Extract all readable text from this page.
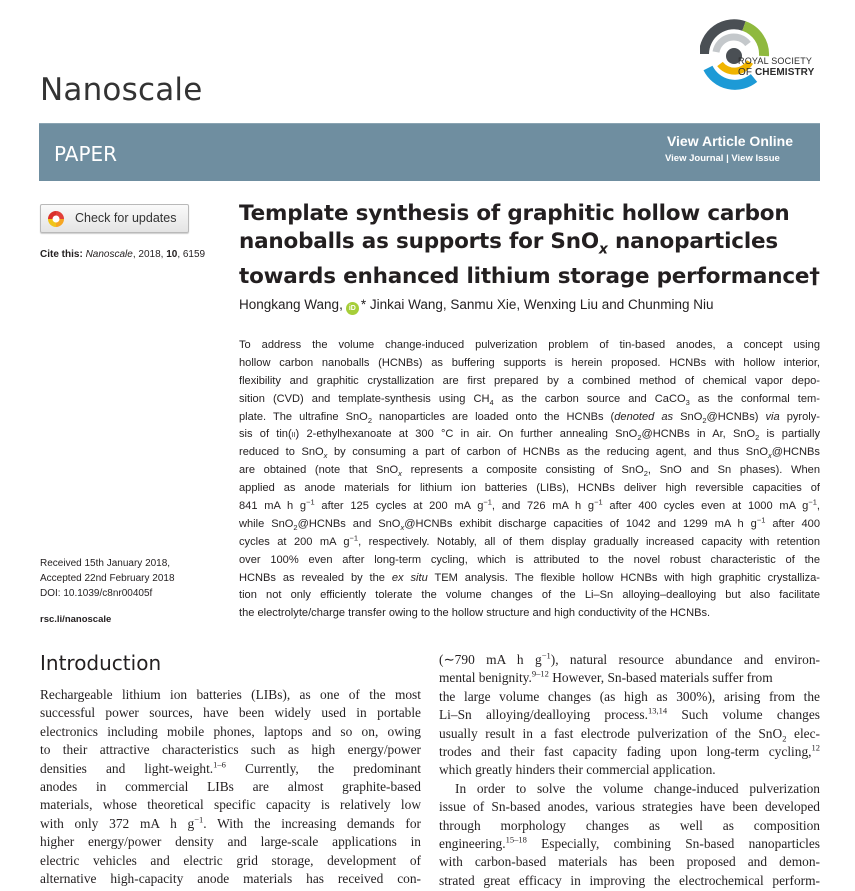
ROYAL SOCIETY
OF CHEMISTRY
Nanoscale
PAPER
View Article Online
View Journal | View Issue
Check for updates
Cite this: Nanoscale, 2018, 10, 6159
Template synthesis of graphitic hollow carbon
nanoballs as supports for SnO$_x$ nanoparticles
towards enhanced lithium storage performance†
Hongkang Wang, iD * Jinkai Wang, Sanmu Xie, Wenxing Liu and Chunming Niu
To address the volume change-induced pulverization problem of tin-based anodes, a concept using
hollow carbon nanoballs (HCNBs) as buffering supports is herein proposed. HCNBs with hollow interior,
flexibility and graphitic crystallization are first prepared by a combined method of chemical vapor depo-
sition (CVD) and template-synthesis using $CH_4$ as the carbon source and CaCO$_3$ as the conformal tem-
plate. The ultrafine SnO$_2$ nanoparticles are loaded onto the HCNBs (denoted as SnO$_2$@HCNBs) via pyroly-
sis of tin(II) 2-ethylhexanoate at 300 °C in air. On further annealing SnO$_2$@HCNBs in Ar, SnO$_2$ is partially
reduced to SnO$_x$ by consuming a part of carbon of HCNBs as the reducing agent, and thus SnO$_x$@HCNBs
are obtained (note that SnO$_x$ represents a composite consisting of SnO$_2$, SnO and Sn phases). When
applied as anode materials for lithium ion batteries (LIBs), HCNBs deliver high reversible capacities of
841 mA h $g^{-1}$ after 125 cycles at 200 mA $g^{-1}$, and 726 mA h $g^{-1}$ after 400 cycles even at 1000 mA $g^{-1}$,
while SnO$_2$@HCNBs and SnO$_x$@HCNBs exhibit discharge capacities of 1042 and 1299 mA h $g^{-1}$ after 400
cycles at 200 mA $g^{-1}$, respectively. Notably, all of them display gradually increased capacity with retention
over 100% even after long-term cycling, which is attributed to the novel robust characteristic of the
HCNBs as revealed by the ex situ TEM analysis. The flexible hollow HCNBs with high graphitic crystalliza-
tion not only efficiently tolerate the volume changes of the Li–Sn alloying–dealloying but also facilitate
the electrolyte/charge transfer owing to the hollow structure and high conductivity of the HCNBs.
Received 15th January 2018,
Accepted 22nd February 2018
DOI: 10.1039/c8nr00405f
rsc.li/nanoscale
Introduction
Rechargeable lithium ion batteries (LIBs), as one of the most
successful power sources, have been widely used in portable
electronics including mobile phones, laptops and so on, owing
to their attractive characteristics such as high energy/power
densities and light-weight.$^{1-6}$ Currently, the predominant
anodes in commercial LIBs are almost graphite-based
materials, whose theoretical specific capacity is relatively low
with only 372 mA h $g^{-1}$. With the increasing demands for
higher energy/power density and large-scale applications in
electric vehicles and electric grid storage, development of
alternative high-capacity anode materials has received con-
(∼790 mA h $g^{-1}$), natural resource abundance and environ-
mental benignity.$^{9-12}$ However, Sn-based materials suffer from
the large volume changes (as high as 300%), arising from the
Li–Sn alloying/dealloying process.$^{13,14}$ Such volume changes
usually result in a fast electrode pulverization of the SnO$_2$ elec-
trodes and their fast capacity fading upon long-term cycling,$^{12}$
which greatly hinders their commercial application.
In order to solve the volume change-induced pulverization
issue of Sn-based anodes, various strategies have been developed
through morphology changes as well as composition
engineering.$^{15-18}$ Especially, combining Sn-based nanoparticles
with carbon-based materials has been proposed and demon-
strated great efficacy in improving the electrochemical perform-
